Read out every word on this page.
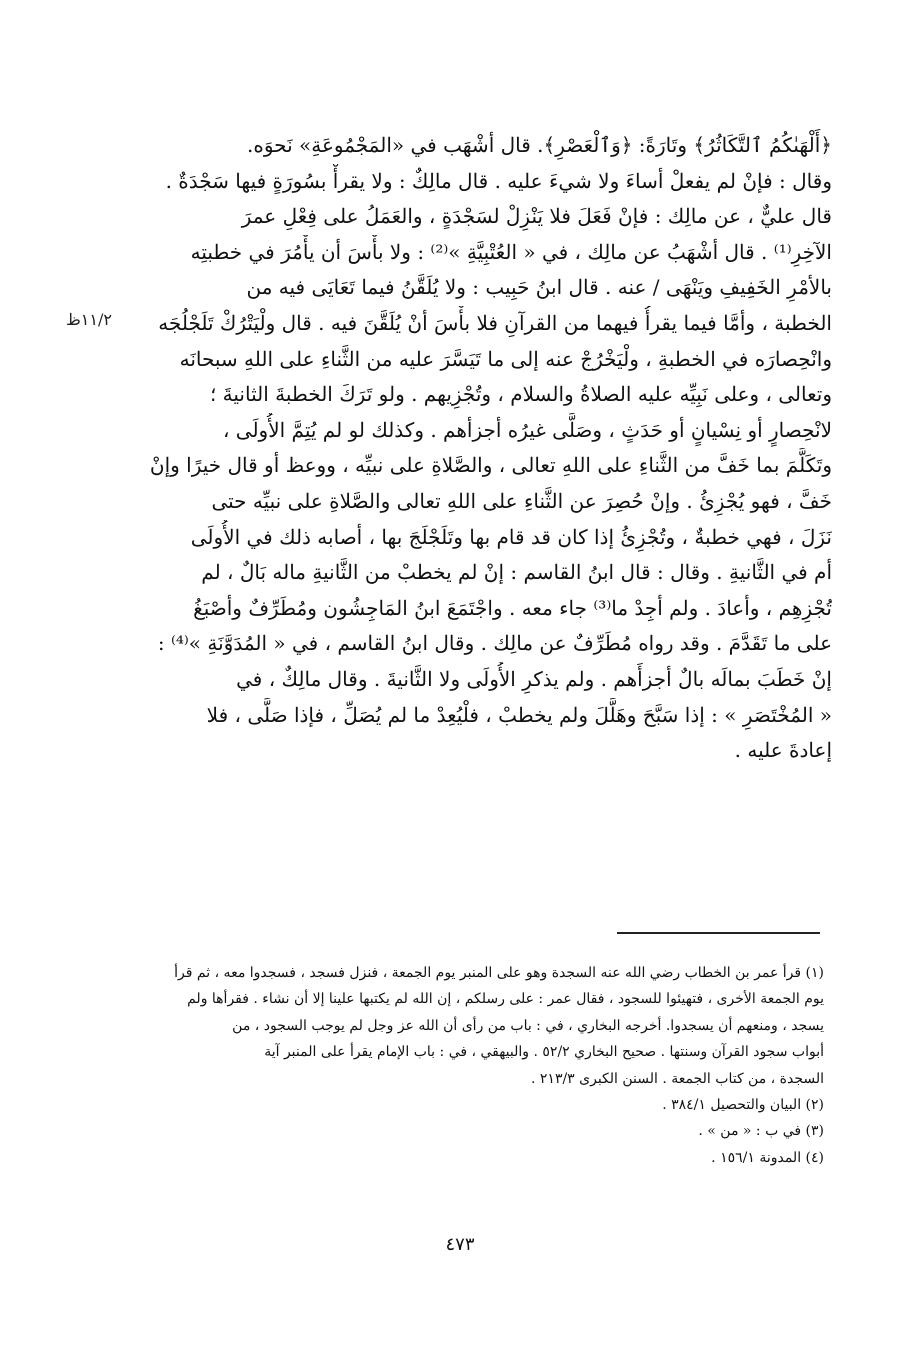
١١/٢ظ
﴿أَلْهَىٰكُمُ ٱلتَّكَاثُرُ﴾ وتَارَةً: ﴿وَٱلْعَصْرِ﴾. قال أشْهَب في «المَجْمُوعَةِ» نَحوَه.
وقال : فإنْ لم يفعلْ أساءَ ولا شيءَ عليه . قال مالِكٌ : ولا يقرأْ بسُورَةٍ فيها سَجْدَةٌ .
قال عليٌّ ، عن مالِك : فإنْ فَعَلَ فلا يَنْزِلْ لسَجْدَةٍ ، والعَمَلُ على فِعْلِ عمرَ
الآخِرِ⁽¹⁾ . قال أشْهَبُ عن مالِك ، في « العُتْبِيَّةِ »⁽²⁾ : ولا بأْسَ أن يأْمُرَ في خطبتِه
بالأمْرِ الخَفِيفِ ويَنْهَى / عنه . قال ابنُ حَبِيب : ولا يُلَقَّنُ فيما تَعَايَى فيه من
الخطبة ، وأمَّا فيما يقرأُ فيهما من القرآنِ فلا بأْسَ أنْ يُلَقَّنَ فيه . قال ولْيَتْرُكْ تَلَجْلُجَه
وانْحِصارَه في الخطبةِ ، ولْيَخْرُجْ عنه إلى ما تَيَسَّرَ عليه من الثَّناءِ على اللهِ سبحانَه
وتعالى ، وعلى نَبِيِّه عليه الصلاةُ والسلام ، وتُجْزِيهم . ولو تَرَكَ الخطبةَ الثانيةَ ؛
لانْحِصارٍ أو نِسْيانٍ أو حَدَثٍ ، وصَلَّى غيرُه أجزأهم . وكذلك لو لم يُتِمَّ الأُولَى ،
وتَكَلَّمَ بما خَفَّ من الثَّناءِ على اللهِ تعالى ، والصَّلاةِ على نبيِّه ، ووعظ أو قال خيرًا وإنْ
خَفَّ ، فهو يُجْزِئُ . وإنْ حُصِرَ عن الثَّناءِ على اللهِ تعالى والصَّلاةِ على نبيِّه حتى
نَزَلَ ، فهي خطبةٌ ، وتُجْزِئُ إذا كان قد قام بها وتَلَجْلَجَ بها ، أصابه ذلك في الأُولَى
أم في الثَّانيةِ . وقال : قال ابنُ القاسم : إنْ لم يخطبْ من الثَّانيةِ ماله بَالٌ ، لم
تُجْزِهِم ، وأعادَ . ولم أجِدْ ما⁽³⁾ جاء معه . واجْتَمَعَ ابنُ المَاجِشُون ومُطَرِّفٌ وأصْبَغُ
على ما تَقَدَّمَ . وقد رواه مُطَرِّفٌ عن مالِك . وقال ابنُ القاسم ، في « المُدَوَّنَةِ »⁽⁴⁾ :
إنْ خَطَبَ بمالَه بالٌ أجزأَهم . ولم يذكرِ الأُولَى ولا الثَّانيةَ . وقال مالِكٌ ، في
« المُخْتَصَرِ » : إذا سَبَّحَ وهَلَّلَ ولم يخطبْ ، فلْيُعِدْ ما لم يُصَلِّ ، فإذا صَلَّى ، فلا
إعادةَ عليه .
(١) قرأ عمر بن الخطاب رضي الله عنه السجدة وهو على المنبر يوم الجمعة ، فنزل فسجد ، فسجدوا معه ، ثم قرأ
يوم الجمعة الأخرى ، فتهيئوا للسجود ، فقال عمر : على رسلكم ، إن الله لم يكتبها علينا إلا أن نشاء . فقرأها ولم
يسجد ، ومنعهم أن يسجدوا. أخرجه البخاري ، في : باب من رأى أن الله عز وجل لم يوجب السجود ، من
أبواب سجود القرآن وسنتها . صحيح البخاري ٥٢/٢ . والبيهقي ، في : باب الإمام يقرأ على المنبر آية
السجدة ، من كتاب الجمعة . السنن الكبرى ٢١٣/٣ .
(٢) البيان والتحصيل ٣٨٤/١ .
(٣) في ب : « من » .
(٤) المدونة ١٥٦/١ .
٤٧٣
